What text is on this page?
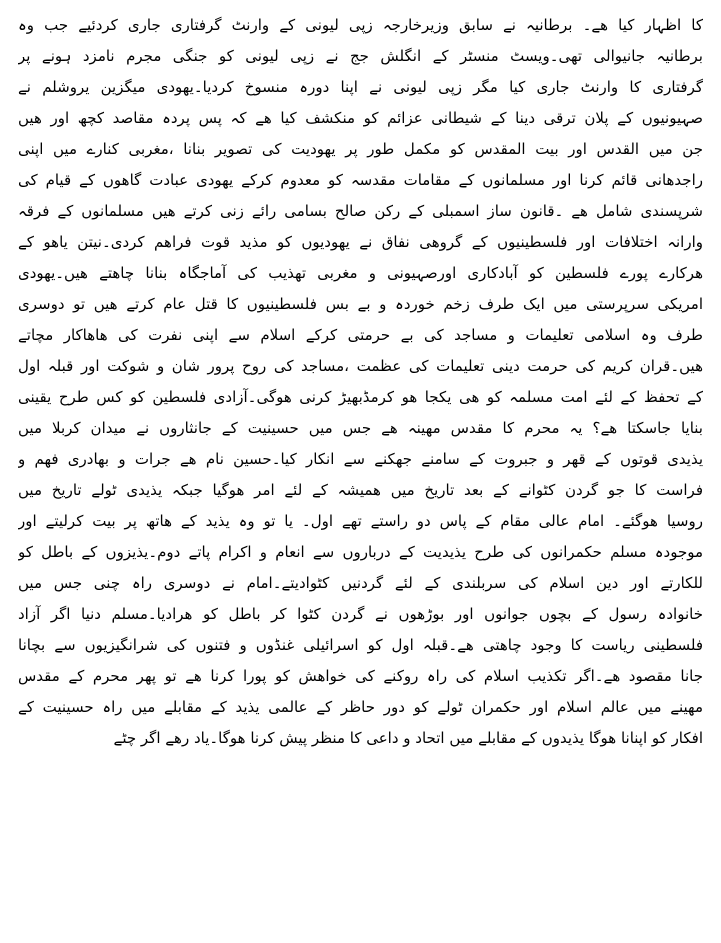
کا اظہار کیا ھے۔ برطانیہ نے سابق وزیرخارجہ زپی لیونی کے وارنٹ گرفتاری جاری کردئیے جب وہ
برطانیہ جانیوالی تھی۔ویسٹ منسٹر کے انگلش جج نے زپی لیونی کو جنگی مجرم نامزد ہونے پر
گرفتاری کا وارنٹ جاری کیا مگر زپی لیونی نے اپنا دورہ منسوخ کردیا۔یھودی میگزین یروشلم نے
صہیونیوں کے پلان ترقی دینا کے شیطانی عزائم کو منکشف کیا ھے کہ پس پردہ مقاصد کچھ اور ھیں
جن میں القدس اور بیت المقدس کو مکمل طور پر یھودیت کی تصویر بنانا ،مغربی کنارے میں اپنی
راجدھانی قائم کرنا اور مسلمانوں کے مقامات مقدسہ کو معدوم کرکے یھودی عبادت گاھوں کے قیام کی
شرپسندی شامل ھے ۔قانون ساز اسمبلی کے رکن صالح بسامی رائے زنی کرتے ھیں مسلمانوں کے فرقہ
وارانہ اختلافات اور فلسطینیوں کے گروھی نفاق نے یھودیوں کو مذید قوت فراھم کردی۔نیتن یاھو کے
ھرکارے پورے فلسطین کو آبادکاری اورصہیونی و مغربی تھذیب کی آماجگاہ بنانا چاھتے ھیں۔یھودی
امریکی سرپرستی میں ایک طرف زخم خوردہ و بے بس فلسطینیوں کا قتل عام کرتے ھیں تو دوسری
طرف وہ اسلامی تعلیمات و مساجد کی بے حرمتی کرکے اسلام سے اپنی نفرت کی ھاھاکار مچاتے
ھیں۔قران کریم کی حرمت دینی تعلیمات کی عظمت ،مساجد کی روح پرور شان و شوکت اور قبلہ اول
کے تحفظ کے لئے امت مسلمہ کو ھی یکجا ھو کرمڈبھیڑ کرنی ھوگی۔آزادی فلسطین کو کس طرح یقینی
بنایا جاسکتا ھے؟ یہ محرم کا مقدس مھینہ ھے جس میں حسینیت کے جانثاروں نے میدان کربلا میں
یذیدی قوتوں کے قھر و جبروت کے سامنے جھکنے سے انکار کیا۔حسین نام ھے جرات و بھادری فھم و
فراست کا جو گردن کٹوانے کے بعد تاریخ میں ھمیشہ کے لئے امر ھوگیا جبکہ یذیدی ٹولے تاریخ میں
روسیا ھوگئے۔ امام عالی مقام کے پاس دو راستے تھے اول۔ یا تو وہ یذید کے ھاتھ پر بیت کرلیتے اور
موجودہ مسلم حکمرانوں کی طرح یذیدیت کے درباروں سے انعام و اکرام پاتے دوم۔یذیزوں کے باطل کو
للکارتے اور دین اسلام کی سربلندی کے لئے گردنیں کٹوادیتے۔امام نے دوسری راہ چنی جس میں
خانوادہ رسول کے بچوں جوانوں اور بوڑھوں نے گردن کٹوا کر باطل کو ھرادیا۔مسلم دنیا اگر آزاد
فلسطینی ریاست کا وجود چاھتی ھے۔قبلہ اول کو اسرائیلی غنڈوں و فتنوں کی شرانگیزیوں سے بچانا
جانا مقصود ھے۔اگر تکذیب اسلام کی راہ روکنے کی خواھش کو پورا کرنا ھے تو پھر محرم کے مقدس
مھینے میں عالم اسلام اور حکمران ٹولے کو دور حاظر کے عالمی یذید کے مقابلے میں راہ حسینیت کے
افکار کو اپنانا ھوگا یذیدوں کے مقابلے میں اتحاد و داعی کا منظر پیش کرنا ھوگا۔یاد رھے اگر چٹے
